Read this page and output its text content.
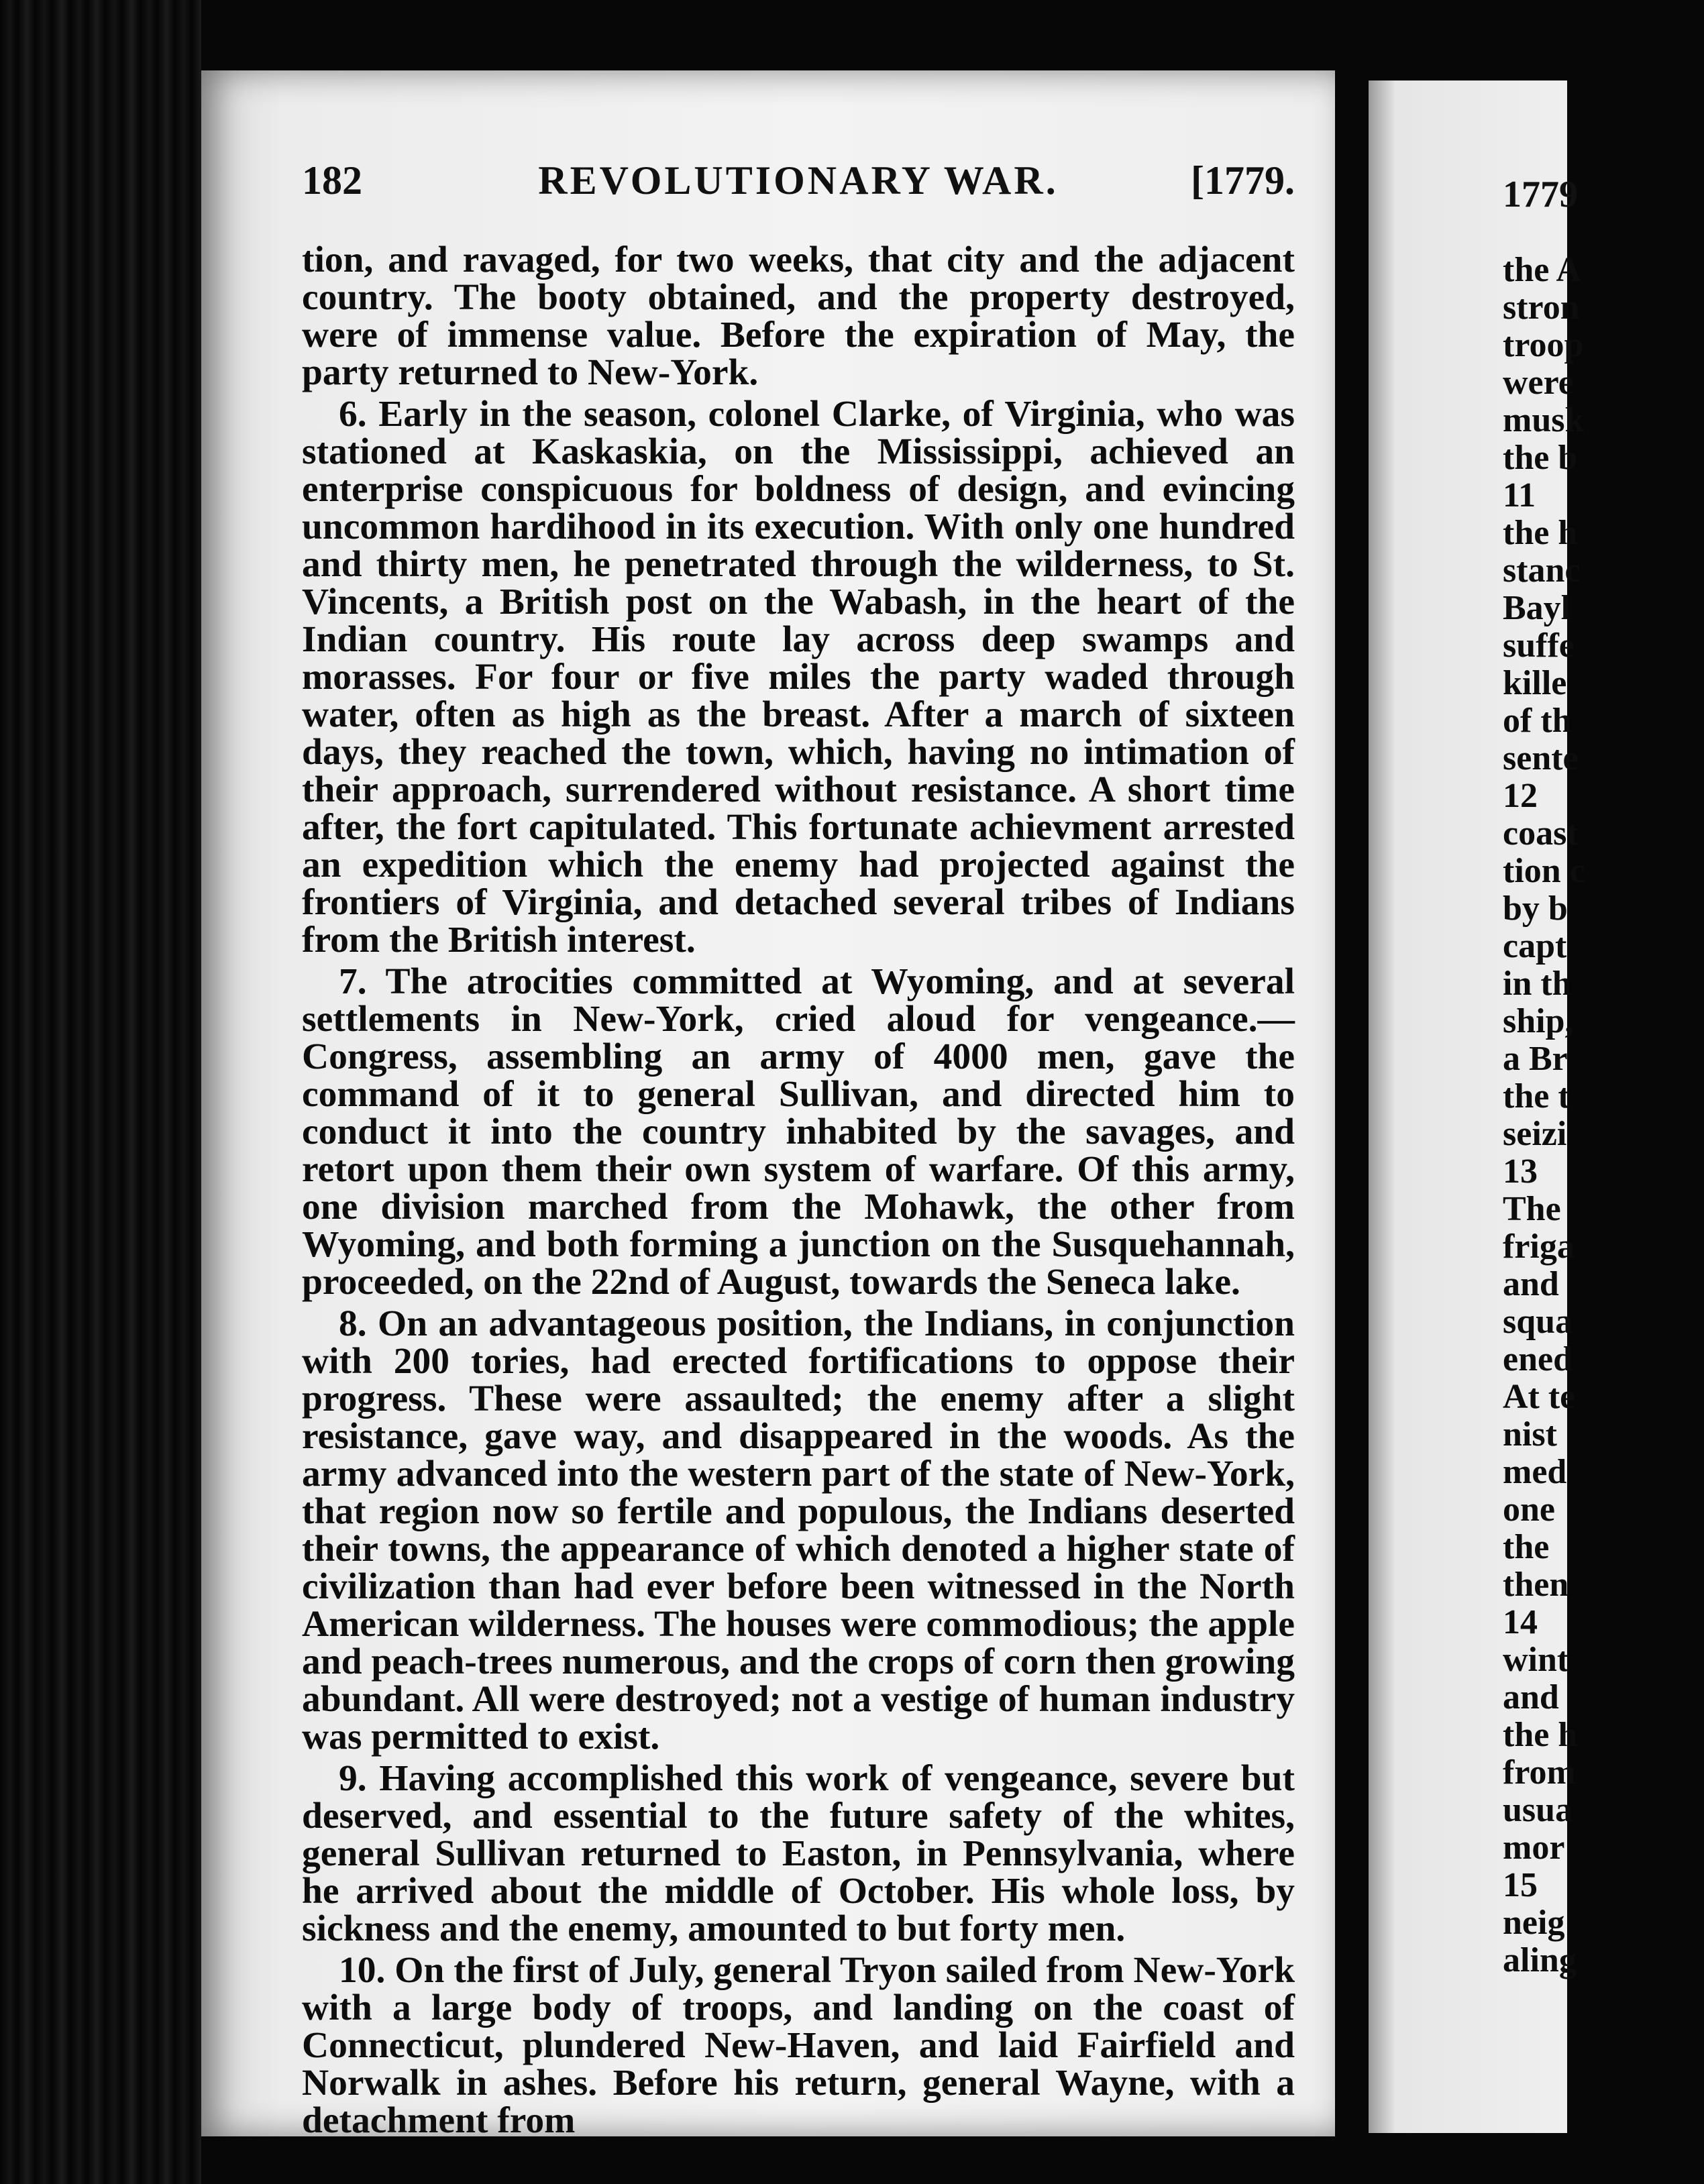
182	REVOLUTIONARY WAR.	[1779.

tion, and ravaged, for two weeks, that city and the adjacent country. The booty obtained, and the property destroyed, were of immense value. Before the expiration of May, the party returned to New-York.

6. Early in the season, colonel Clarke, of Virginia, who was stationed at Kaskaskia, on the Mississippi, achieved an enterprise conspicuous for boldness of design, and evincing uncommon hardihood in its execution. With only one hundred and thirty men, he penetrated through the wilderness, to St. Vincents, a British post on the Wabash, in the heart of the Indian country. His route lay across deep swamps and morasses. For four or five miles the party waded through water, often as high as the breast. After a march of sixteen days, they reached the town, which, having no intimation of their approach, surrendered without resistance. A short time after, the fort capitulated. This fortunate achievment arrested an expedition which the enemy had projected against the frontiers of Virginia, and detached several tribes of Indians from the British interest.

7. The atrocities committed at Wyoming, and at several settlements in New-York, cried aloud for vengeance.—Congress, assembling an army of 4000 men, gave the command of it to general Sullivan, and directed him to conduct it into the country inhabited by the savages, and retort upon them their own system of warfare. Of this army, one division marched from the Mohawk, the other from Wyoming, and both forming a junction on the Susquehannah, proceeded, on the 22nd of August, towards the Seneca lake.

8. On an advantageous position, the Indians, in conjunction with 200 tories, had erected fortifications to oppose their progress. These were assaulted; the enemy after a slight resistance, gave way, and disappeared in the woods. As the army advanced into the western part of the state of New-York, that region now so fertile and populous, the Indians deserted their towns, the appearance of which denoted a higher state of civilization than had ever before been witnessed in the North American wilderness. The houses were commodious; the apple and peach-trees numerous, and the crops of corn then growing abundant. All were destroyed; not a vestige of human industry was permitted to exist.

9. Having accomplished this work of vengeance, severe but deserved, and essential to the future safety of the whites, general Sullivan returned to Easton, in Pennsylvania, where he arrived about the middle of October. His whole loss, by sickness and the enemy, amounted to but forty men.

10. On the first of July, general Tryon sailed from New-York with a large body of troops, and landing on the coast of Connecticut, plundered New-Haven, and laid Fairfield and Norwalk in ashes. Before his return, general Wayne, with a detachment from

1779
the A
stron
troop
were
musk
the b
11
the h
stanc
Bayl
suffe
kille
of th
sente
12
coast
tion c
by b
capt
in th
ship,
a Br
the t
seizi
13
The
friga
and
squa
ened
At te
nist
med
one
the
then
14
wint
and
the h
from
usua
mor
15
neig
aling
